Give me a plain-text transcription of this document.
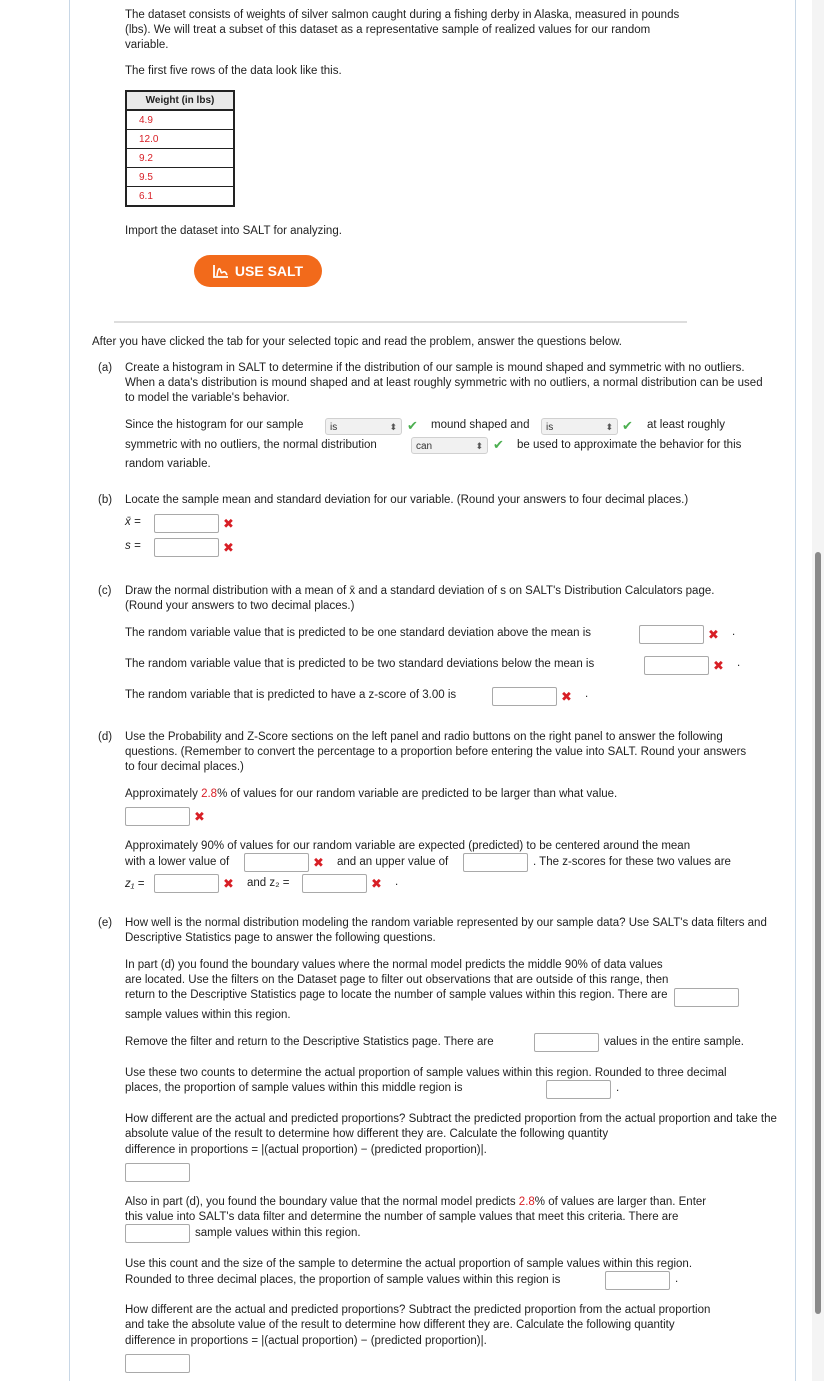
The dataset consists of weights of silver salmon caught during a fishing derby in Alaska, measured in pounds (lbs). We will treat a subset of this dataset as a representative sample of realized values for our random variable.

The first five rows of the data look like this.

Weight (in lbs)
4.9
12.0
9.2
9.5
6.1

Import the dataset into SALT for analyzing.

USE SALT

After you have clicked the tab for your selected topic and read the problem, answer the questions below.

(a) Create a histogram in SALT to determine if the distribution of our sample is mound shaped and symmetric with no outliers. When a data's distribution is mound shaped and at least roughly symmetric with no outliers, a normal distribution can be used to model the variable's behavior.

Since the histogram for our sample	is	⬍ ✔ mound shaped and	is	⬍ ✔ at least roughly

symmetric with no outliers, the normal distribution	can	⬍ ✔ be used to approximate the behavior for this

random variable.

(b) Locate the sample mean and standard deviation for our variable. (Round your answers to four decimal places.)

x̄ =	✖

s =	✖

(c) Draw the normal distribution with a mean of x̄ and a standard deviation of s on SALT's Distribution Calculators page.

(Round your answers to two decimal places.)

The random variable value that is predicted to be one standard deviation above the mean is	✖ .

The random variable value that is predicted to be two standard deviations below the mean is	✖ .

The random variable that is predicted to have a z-score of 3.00 is	✖ .

(d) Use the Probability and Z-Score sections on the left panel and radio buttons on the right panel to answer the following questions. (Remember to convert the percentage to a proportion before entering the value into SALT. Round your answers to four decimal places.)

Approximately 2.8% of values for our random variable are predicted to be larger than what value.

✖

Approximately 90% of values for our random variable are expected (predicted) to be centered around the mean

with a lower value of	✖ and an upper value of	. The z-scores for these two values are

z₁ =	✖ and z₂ =	✖ .

(e) How well is the normal distribution modeling the random variable represented by our sample data? Use SALT's data filters and Descriptive Statistics page to answer the following questions.

In part (d) you found the boundary values where the normal model predicts the middle 90% of data values are located. Use the filters on the Dataset page to filter out observations that are outside of this range, then return to the Descriptive Statistics page to locate the number of sample values within this region. There are

sample values within this region.

Remove the filter and return to the Descriptive Statistics page. There are	values in the entire sample.

Use these two counts to determine the actual proportion of sample values within this region. Rounded to three decimal places, the proportion of sample values within this middle region is	.

How different are the actual and predicted proportions? Subtract the predicted proportion from the actual proportion and take the absolute value of the result to determine how different they are. Calculate the following quantity

difference in proportions = |(actual proportion) − (predicted proportion)|.

Also in part (d), you found the boundary value that the normal model predicts 2.8% of values are larger than. Enter

this value into SALT's data filter and determine the number of sample values that meet this criteria. There are

sample values within this region.

Use this count and the size of the sample to determine the actual proportion of sample values within this region.

Rounded to three decimal places, the proportion of sample values within this region is	.

How different are the actual and predicted proportions? Subtract the predicted proportion from the actual proportion

and take the absolute value of the result to determine how different they are. Calculate the following quantity

difference in proportions = |(actual proportion) − (predicted proportion)|.
